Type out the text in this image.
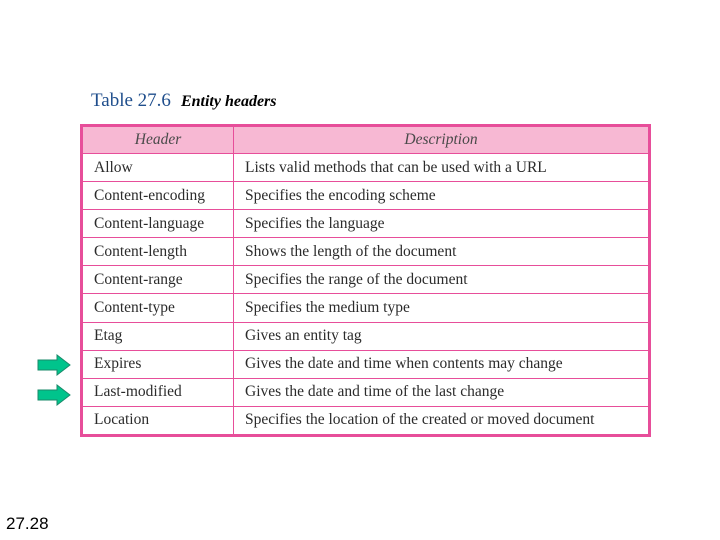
Table 27.6 Entity headers
Header	Description
Allow	Lists valid methods that can be used with a URL
Content-encoding	Specifies the encoding scheme
Content-language	Specifies the language
Content-length	Shows the length of the document
Content-range	Specifies the range of the document
Content-type	Specifies the medium type
Etag	Gives an entity tag
Expires	Gives the date and time when contents may change
Last-modified	Gives the date and time of the last change
Location	Specifies the location of the created or moved document
27.28
